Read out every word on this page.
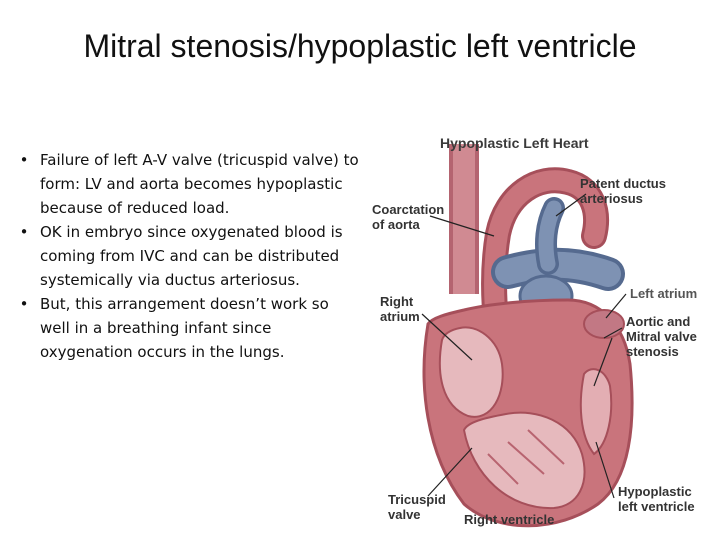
Mitral stenosis/hypoplastic left ventricle
• Failure of left A-V valve (tricuspid valve) to form: LV and aorta becomes hypoplastic because of reduced load.
• OK in embryo since oxygenated blood is coming from IVC and can be distributed systemically via ductus arteriosus.
• But, this arrangement doesn’t work so well in a breathing infant since oxygenation occurs in the lungs.
Hypoplastic Left Heart
Coarctation
of aorta
Patent ductus
arteriosus
Right
atrium
Left atrium
Aortic and
Mitral valve
stenosis
Tricuspid
valve	Right ventricle
Hypoplastic
left ventricle
